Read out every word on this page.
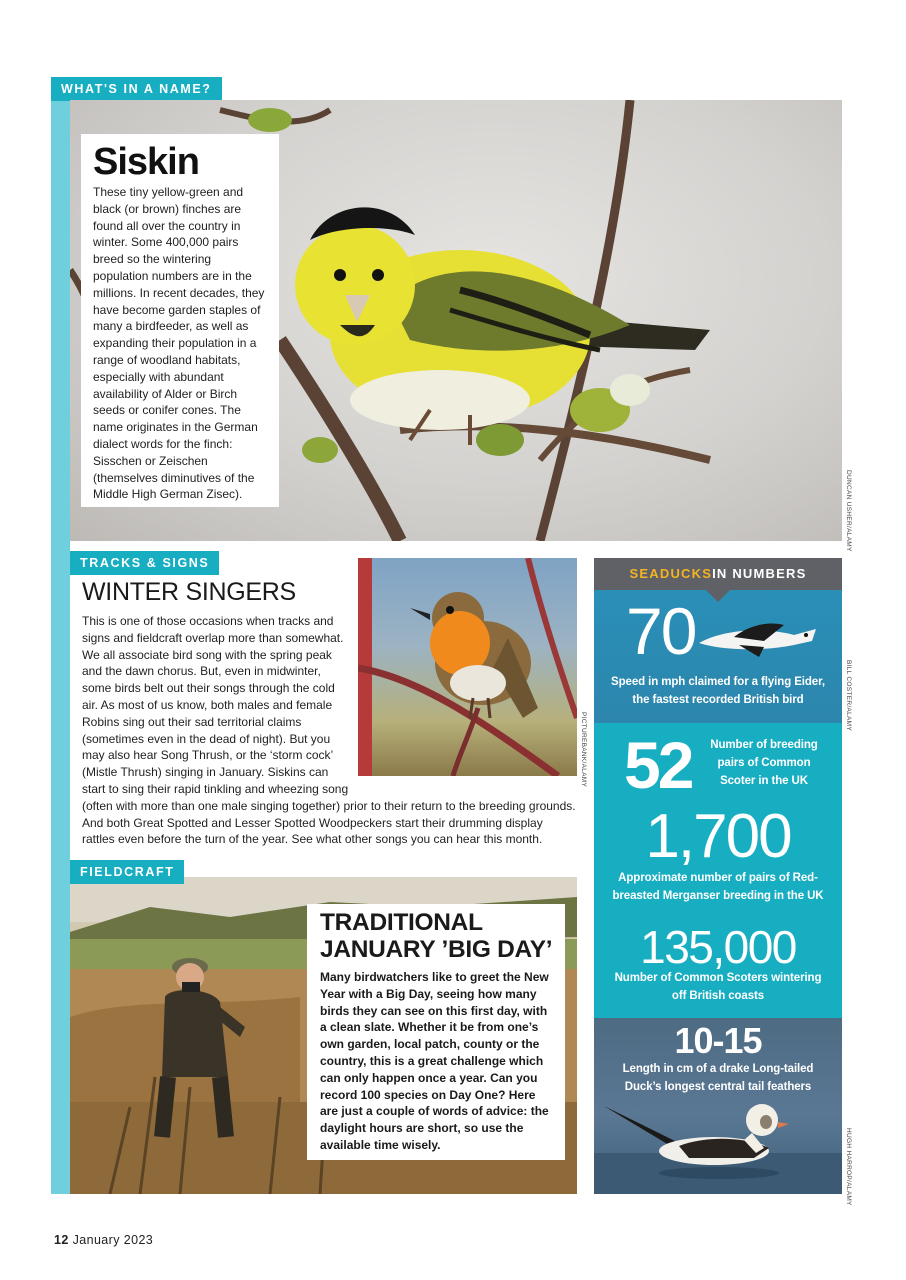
WHAT'S IN A NAME?
Siskin

These tiny yellow-green and black (or brown) finches are found all over the country in winter. Some 400,000 pairs breed so the wintering population numbers are in the millions. In recent decades, they have become garden staples of many a birdfeeder, as well as expanding their population in a range of woodland habitats, especially with abundant availability of Alder or Birch seeds or conifer cones. The name originates in the German dialect words for the finch: Sisschen or Zeischen (themselves diminutives of the Middle High German Zisec).	DUNCAN USHER/ALAMY
TRACKS & SIGNS
WINTER SINGERS
PICTUREBANK/ALAMY
This is one of those occasions when tracks and signs and fieldcraft overlap more than somewhat. We all associate bird song with the spring peak and the dawn chorus. But, even in midwinter, some birds belt out their songs through the cold air. As most of us know, both males and female Robins sing out their sad territorial claims (sometimes even in the dead of night). But you may also hear Song Thrush, or the ‘storm cock’ (Mistle Thrush) singing in January. Siskins can start to sing their rapid tinkling and wheezing song (often with more than one male singing together) prior to their return to the breeding grounds. And both Great Spotted and Lesser Spotted Woodpeckers start their drumming display rattles even before the turn of the year. See what other songs you can hear this month.
FIELDCRAFT
TRADITIONAL JANUARY ’BIG DAY’

Many birdwatchers like to greet the New Year with a Big Day, seeing how many birds they can see on this first day, with a clean slate. Whether it be from one’s own garden, local patch, county or the country, this is a great challenge which can only happen once a year. Can you record 100 species on Day One? Here are just a couple of words of advice: the daylight hours are short, so use the available time wisely.

SEADUCKSIN NUMBERS
70
Speed in mph claimed for a flying Eider, the fastest recorded British bird
52	Number of breeding pairs of Common Scoter in the UK
1,700
Approximate number of pairs of Red-breasted Merganser breeding in the UK
135,000
Number of Common Scoters wintering off British coasts
10-15
Length in cm of a drake Long-tailed Duck’s longest central tail feathers
BILL COSTER/ALAMY
HUGH HARROP/ALAMY
12 January 2023
